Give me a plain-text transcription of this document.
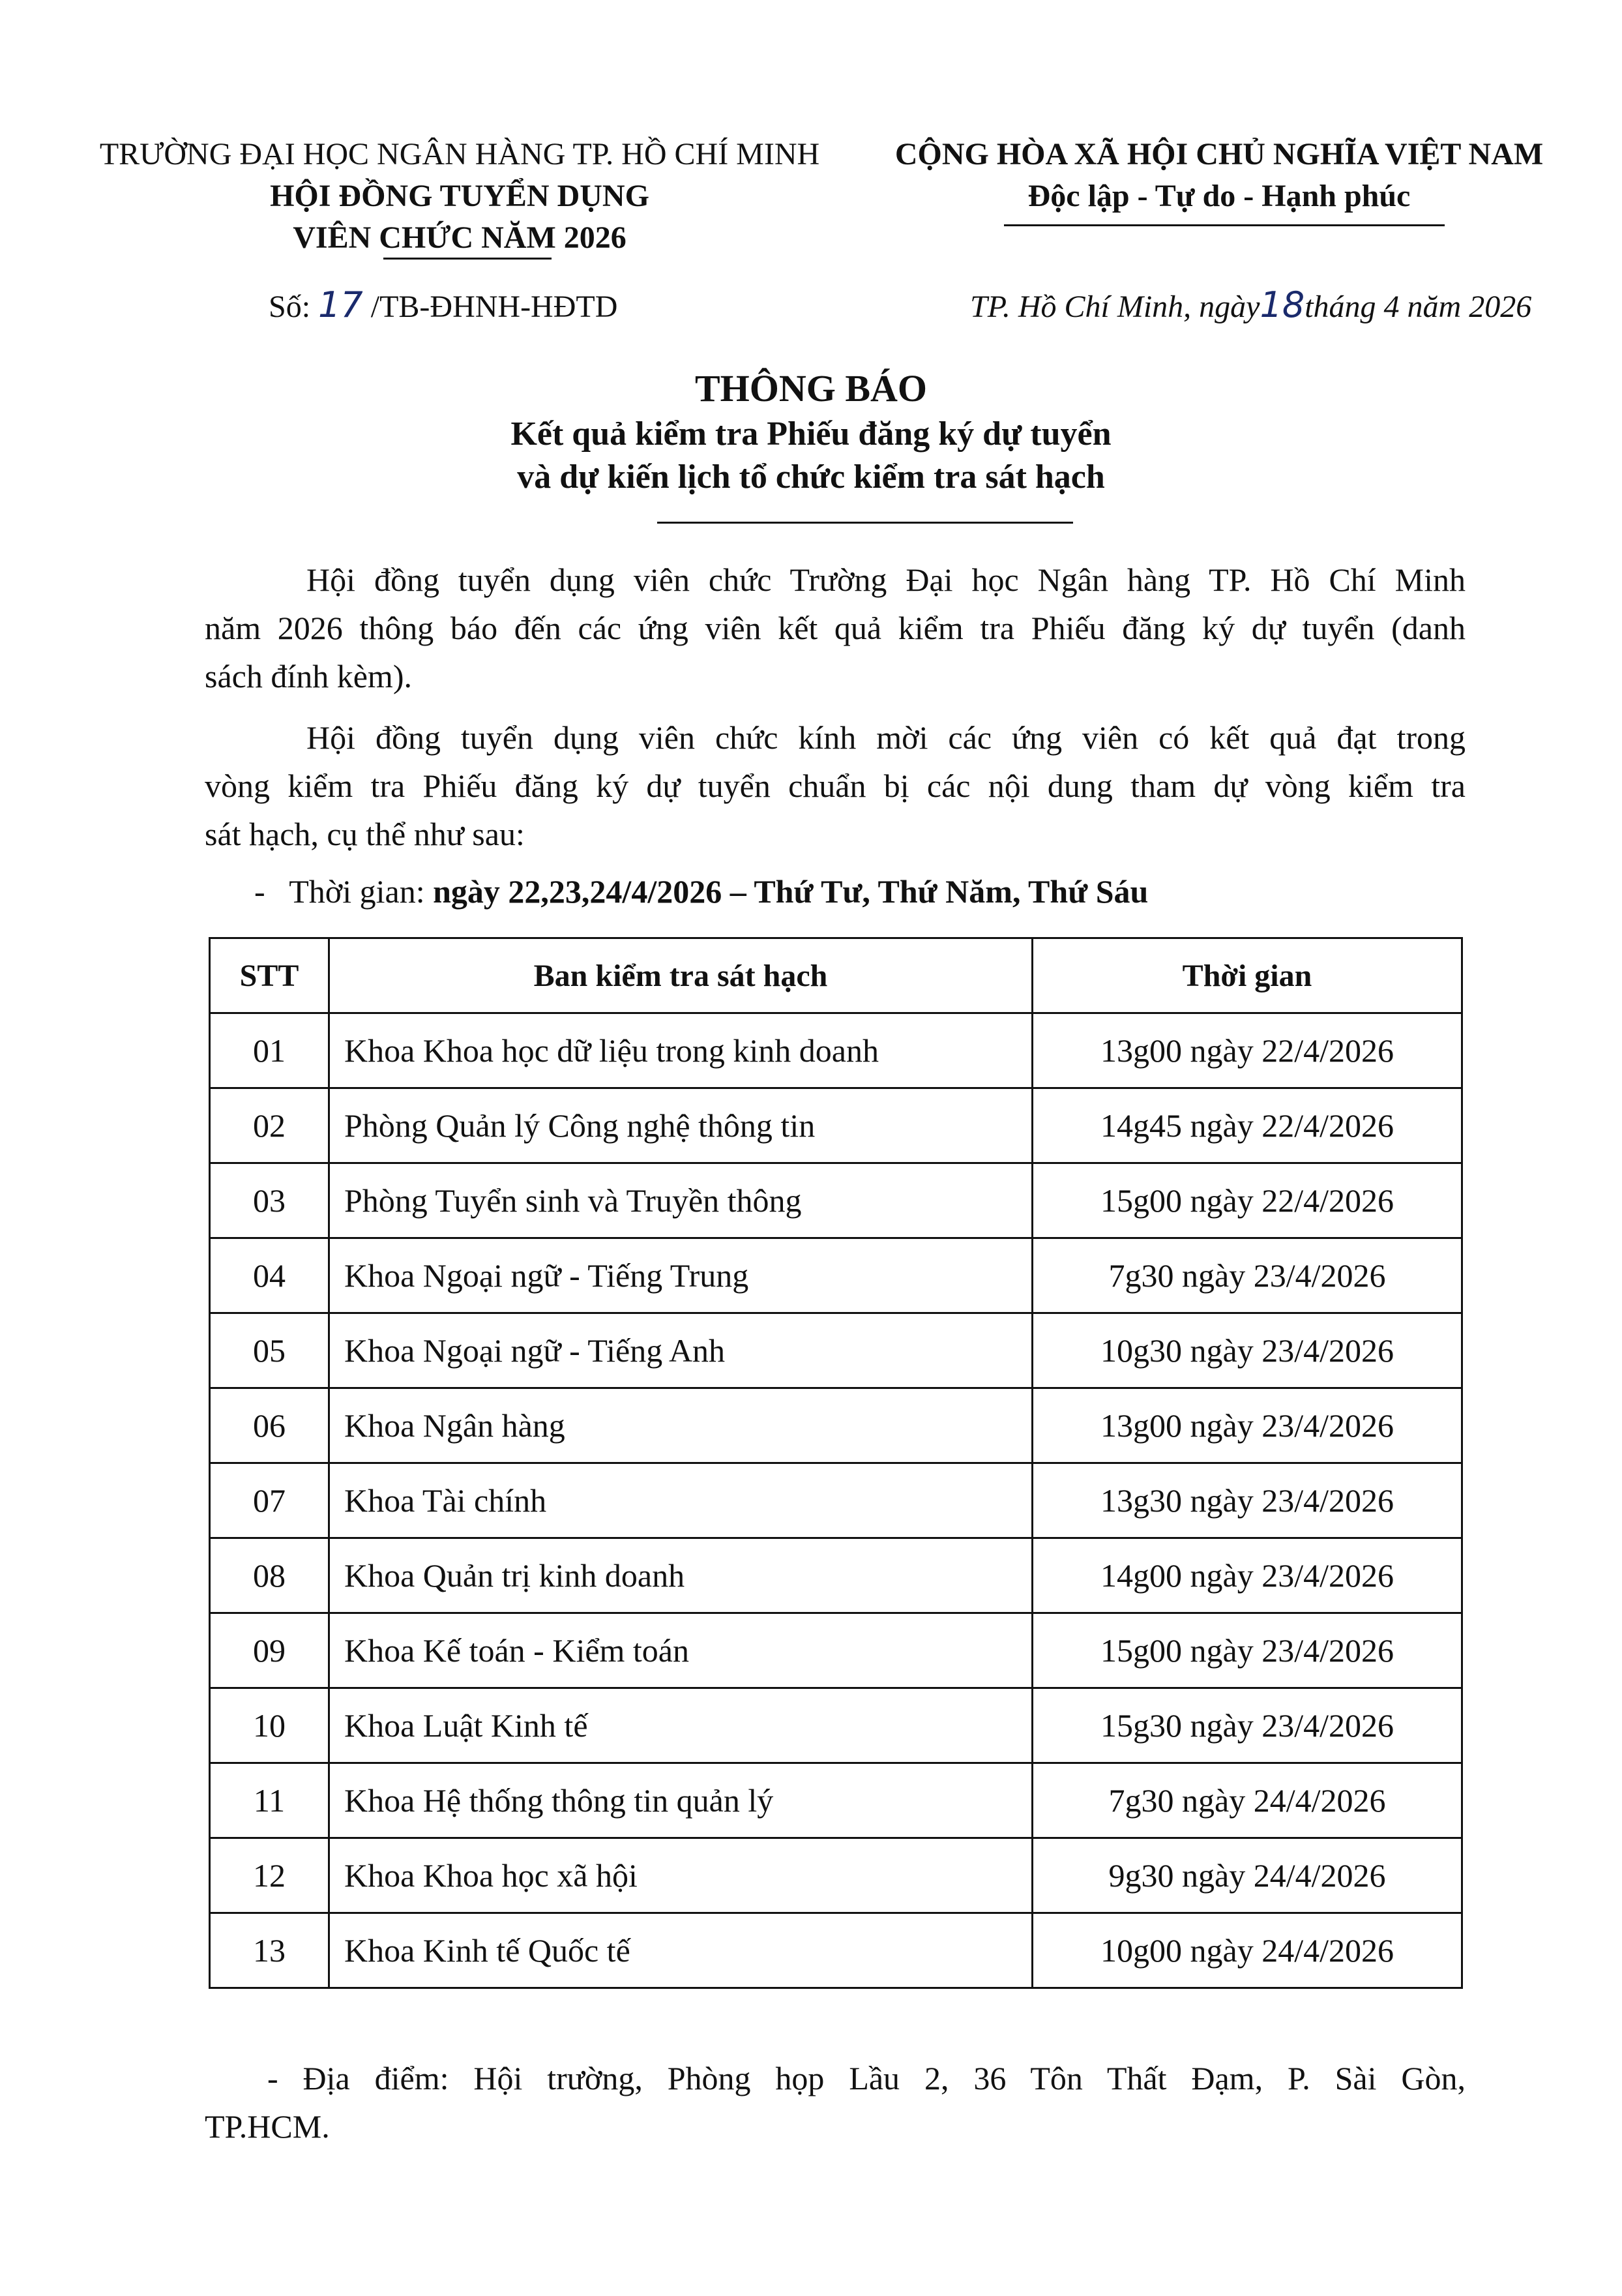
TRƯỜNG ĐẠI HỌC NGÂN HÀNG TP. HỒ CHÍ MINH
HỘI ĐỒNG TUYỂN DỤNG
VIÊN CHỨC NĂM 2026
CỘNG HÒA XÃ HỘI CHỦ NGHĨA VIỆT NAM
Độc lập - Tự do - Hạnh phúc
Số: 17 /TB-ĐHNH-HĐTD	TP. Hồ Chí Minh, ngày18tháng 4 năm 2026
THÔNG BÁO
Kết quả kiểm tra Phiếu đăng ký dự tuyển
và dự kiến lịch tổ chức kiểm tra sát hạch
Hội đồng tuyển dụng viên chức Trường Đại học Ngân hàng TP. Hồ Chí Minh
năm 2026 thông báo đến các ứng viên kết quả kiểm tra Phiếu đăng ký dự tuyển (danh
sách đính kèm).
Hội đồng tuyển dụng viên chức kính mời các ứng viên có kết quả đạt trong
vòng kiểm tra Phiếu đăng ký dự tuyển chuẩn bị các nội dung tham dự vòng kiểm tra
sát hạch, cụ thể như sau:
- Thời gian: ngày 22,23,24/4/2026 – Thứ Tư, Thứ Năm, Thứ Sáu
STT	Ban kiểm tra sát hạch	Thời gian
01	Khoa Khoa học dữ liệu trong kinh doanh	13g00 ngày 22/4/2026
02	Phòng Quản lý Công nghệ thông tin	14g45 ngày 22/4/2026
03	Phòng Tuyển sinh và Truyền thông	15g00 ngày 22/4/2026
04	Khoa Ngoại ngữ - Tiếng Trung	7g30 ngày 23/4/2026
05	Khoa Ngoại ngữ - Tiếng Anh	10g30 ngày 23/4/2026
06	Khoa Ngân hàng	13g00 ngày 23/4/2026
07	Khoa Tài chính	13g30 ngày 23/4/2026
08	Khoa Quản trị kinh doanh	14g00 ngày 23/4/2026
09	Khoa Kế toán - Kiểm toán	15g00 ngày 23/4/2026
10	Khoa Luật Kinh tế	15g30 ngày 23/4/2026
11	Khoa Hệ thống thông tin quản lý	7g30 ngày 24/4/2026
12	Khoa Khoa học xã hội	9g30 ngày 24/4/2026
13	Khoa Kinh tế Quốc tế	10g00 ngày 24/4/2026
- Địa điểm: Hội trường, Phòng họp Lầu 2, 36 Tôn Thất Đạm, P. Sài Gòn,
TP.HCM.
